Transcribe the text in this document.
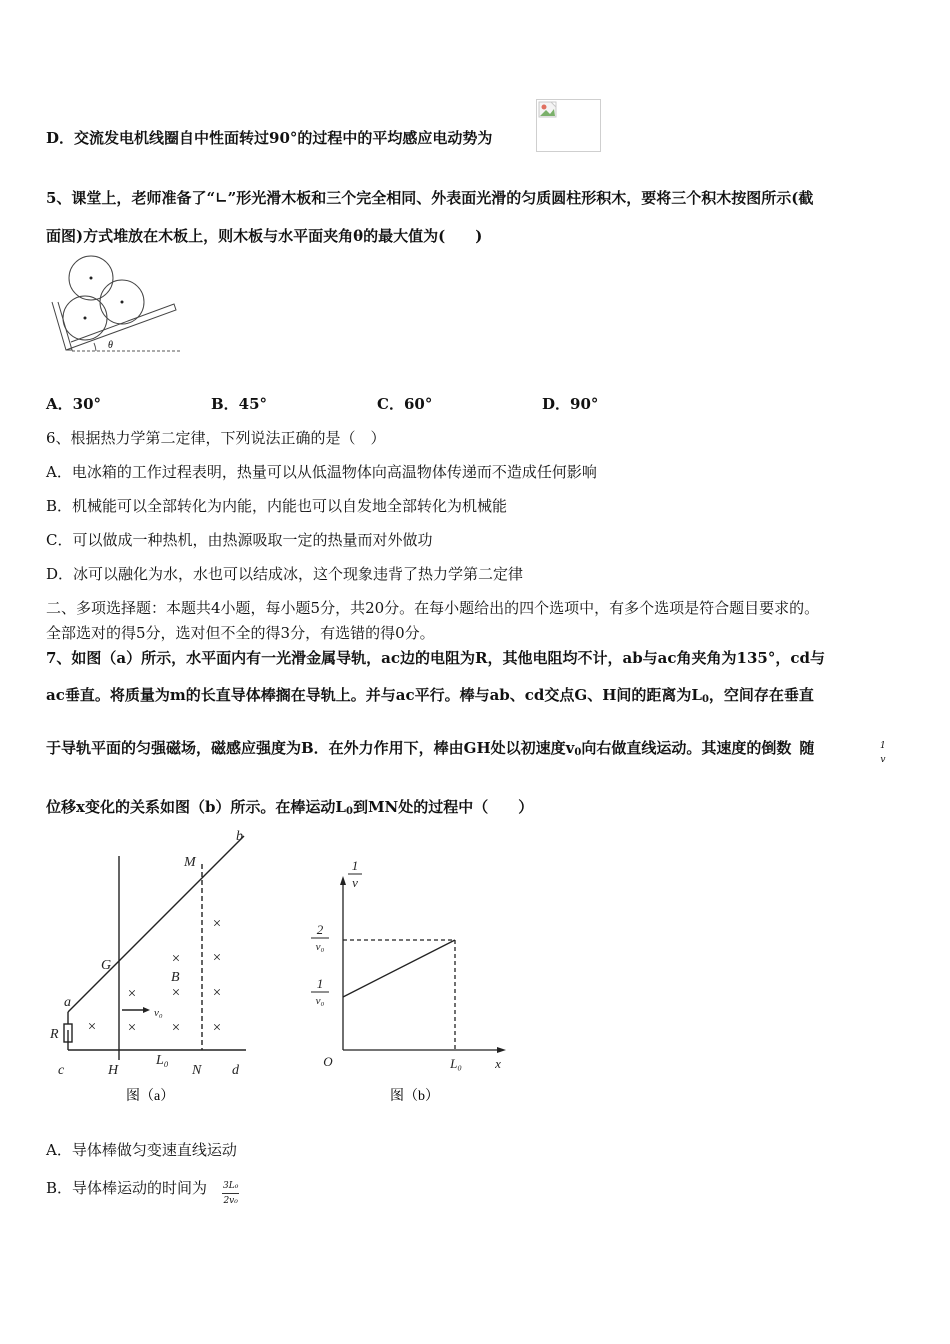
D．交流发电机线圈自中性面转过90°的过程中的平均感应电动势为
5、课堂上，老师准备了“∟”形光滑木板和三个完全相同、外表面光滑的匀质圆柱形积木，要将三个积木按图所示(截
面图)方式堆放在木板上，则木板与水平面夹角θ的最大值为(　　)
θ
A．30°	B．45°	C．60°	D．90°
6、根据热力学第二定律，下列说法正确的是（　）
A．电冰箱的工作过程表明，热量可以从低温物体向高温物体传递而不造成任何影响
B．机械能可以全部转化为内能，内能也可以自发地全部转化为机械能
C．可以做成一种热机，由热源吸取一定的热量而对外做功
D．冰可以融化为水，水也可以结成冰，这个现象违背了热力学第二定律
二、多项选择题：本题共4小题，每小题5分，共20分。在每小题给出的四个选项中，有多个选项是符合题目要求的。
全部选对的得5分，选对但不全的得3分，有选错的得0分。
7、如图（a）所示，水平面内有一光滑金属导轨，ac边的电阻为R，其他电阻均不计，ab与ac角夹角为135°，cd与
ac垂直。将质量为m的长直导体棒搁在导轨上。并与ac平行。棒与ab、cd交点G、H间的距离为$L_0$，空间存在垂直
于导轨平面的匀强磁场，磁感应强度为B．在外力作用下，棒由GH处以初速度$v_0$向右做直线运动。其速度的倒数 随	1
v
位移x变化的关系如图（b）所示。在棒运动$L_0$到MN处的过程中（　　）
×
×
×
×
×
×
×
×
×
×
b
M
G
B
a
R
v₀
L₀
c	H	N d
图（a）
1
v
2
v₀
1
v₀
O	L₀	x
图（b）
A．导体棒做匀变速直线运动
B．导体棒运动的时间为 $\frac{\text{3L₀}}{\text{2v₀}}$
